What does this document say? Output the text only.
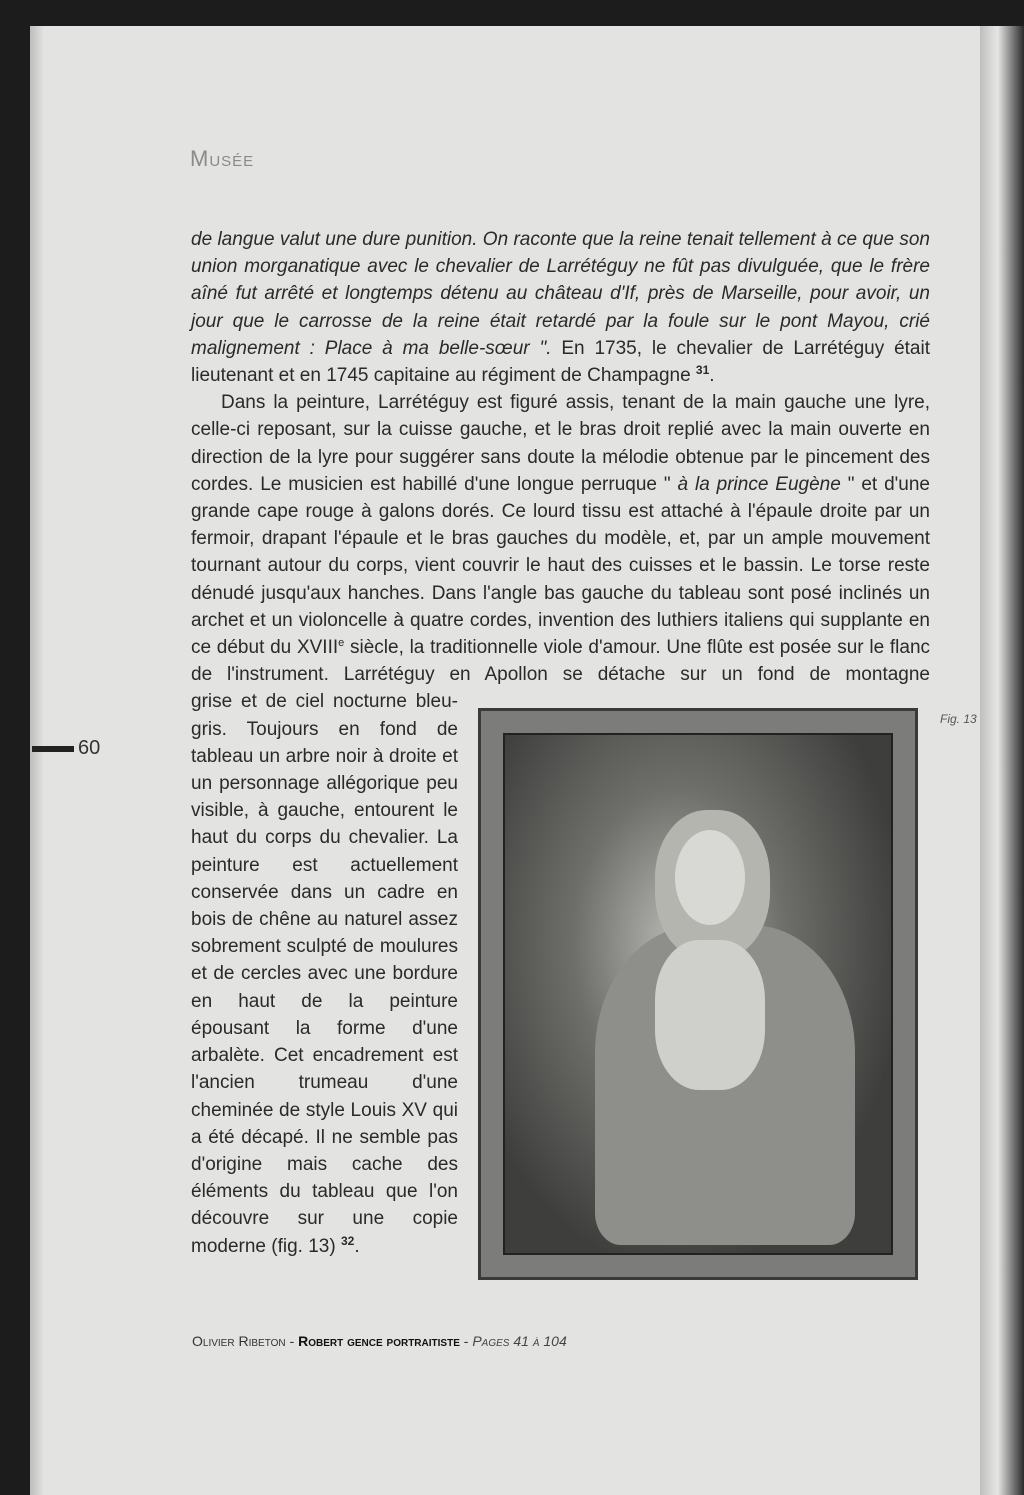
Musée
60

de langue valut une dure punition. On raconte que la reine tenait tellement à ce que son union morganatique avec le chevalier de Larrétéguy ne fût pas divulguée, que le frère aîné fut arrêté et longtemps détenu au château d'If, près de Marseille, pour avoir, un jour que le carrosse de la reine était retardé par la foule sur le pont Mayou, crié malignement : Place à ma belle-sœur ". En 1735, le chevalier de Larrétéguy était lieutenant et en 1745 capitaine au régiment de Champagne $^{31}$.

Dans la peinture, Larrétéguy est figuré assis, tenant de la main gauche une lyre, celle-ci reposant, sur la cuisse gauche, et le bras droit replié avec la main ouverte en direction de la lyre pour suggérer sans doute la mélodie obtenue par le pincement des cordes. Le musicien est habillé d'une longue perruque " à la prince Eugène " et d'une grande cape rouge à galons dorés. Ce lourd tissu est attaché à l'épaule droite par un fermoir, drapant l'épaule et le bras gauches du modèle, et, par un ample mouvement tournant autour du corps, vient couvrir le haut des cuisses et le bassin. Le torse reste dénudé jusqu'aux hanches. Dans l'angle bas gauche du tableau sont posé inclinés un archet et un violoncelle à quatre cordes, invention des luthiers italiens qui supplante en ce début du XVIIIe siècle, la traditionnelle viole d'amour. Une flûte est posée sur le flanc de l'instrument. Larrétéguy en Apollon se détache sur un fond de montagne

grise et de ciel nocturne bleu-gris. Toujours en fond de tableau un arbre noir à droite et un personnage allégorique peu visible, à gauche, entourent le haut du corps du chevalier. La peinture est actuellement conservée dans un cadre en bois de chêne au naturel assez sobrement sculpté de moulures et de cercles avec une bordure en haut de la peinture épousant la forme d'une arbalète. Cet encadrement est l'ancien trumeau d'une cheminée de style Louis XV qui a été décapé. Il ne semble pas d'origine mais cache des éléments du tableau que l'on découvre sur une copie moderne (fig. 13) $^{32}$.

Fig. 13
Olivier Ribeton - Robert gence portraitiste - Pages 41 à 104
